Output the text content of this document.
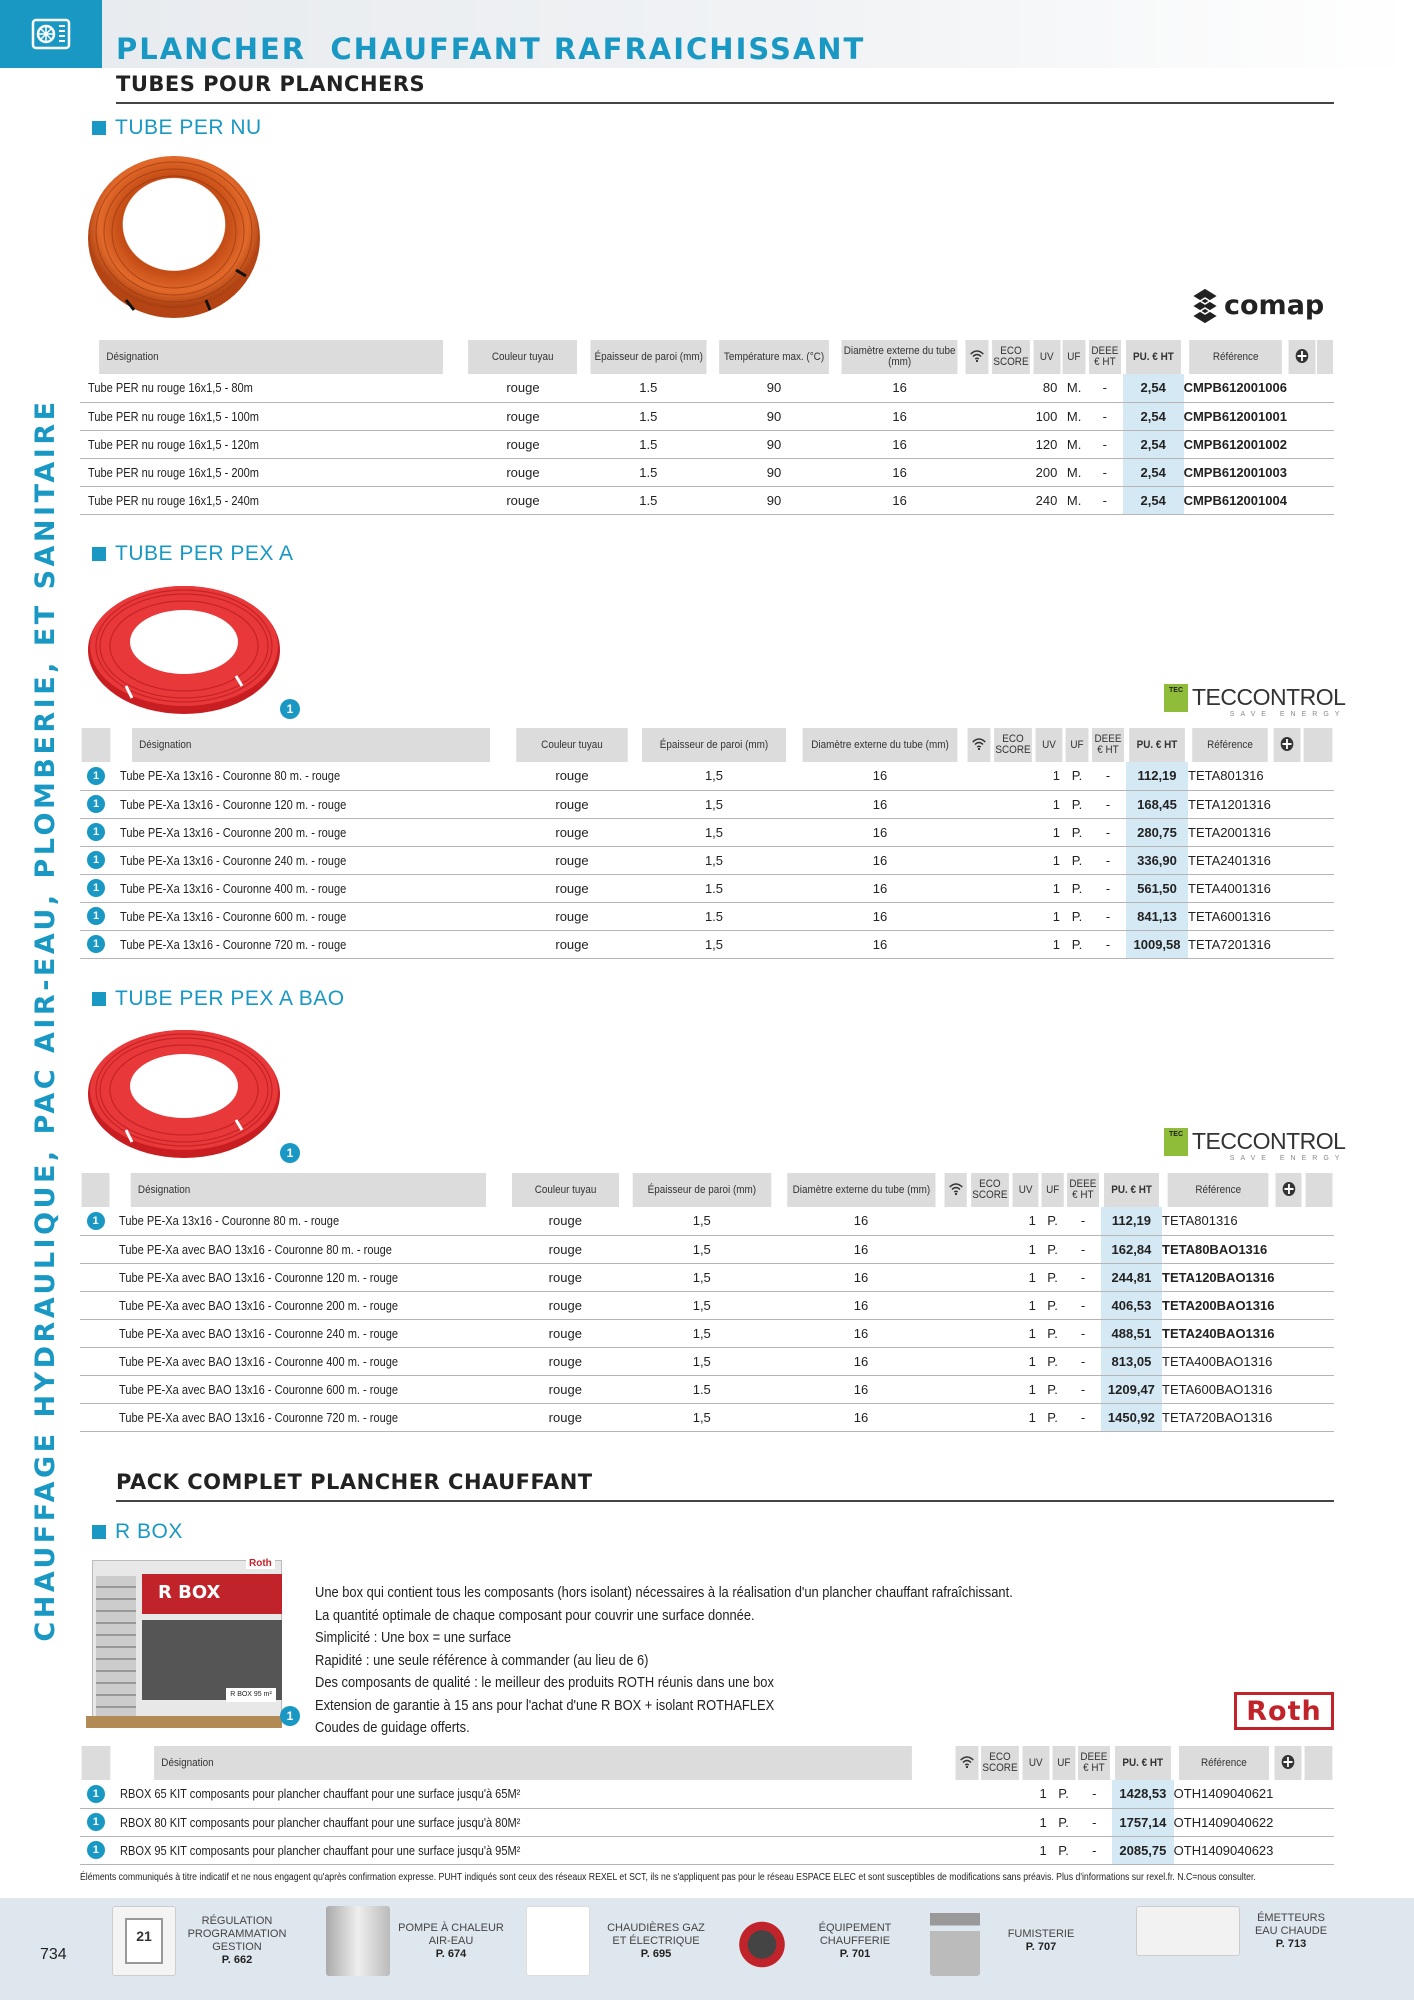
PLANCHER  CHAUFFANT RAFRAICHISSANT
CHAUFFAGE HYDRAULIQUE, PAC AIR-EAU, PLOMBERIE, ET SANITAIRE
TUBES POUR PLANCHERS
TUBE PER NU
comap
Désignation	Couleur tuyau	Épaisseur de paroi (mm)	Température max. (°C)	Diamètre externe du tube (mm)		ECO SCORE	UV	UF	DEEE € HT	PU. € HT	Référence		
Tube PER nu rouge 16x1,5 - 80m	rouge	1.5	90	16		80		M.	-	2,54	CMPB612001006		
Tube PER nu rouge 16x1,5 - 100m	rouge	1.5	90	16		100		M.	-	2,54	CMPB612001001		
Tube PER nu rouge 16x1,5 - 120m	rouge	1.5	90	16		120		M.	-	2,54	CMPB612001002		
Tube PER nu rouge 16x1,5 - 200m	rouge	1.5	90	16		200		M.	-	2,54	CMPB612001003		
Tube PER nu rouge 16x1,5 - 240m	rouge	1.5	90	16		240		M.	-	2,54	CMPB612001004		
TUBE PER PEX A
1
TEC TECCONTROL
SAVE ENERGY
	Désignation	Couleur tuyau	Épaisseur de paroi (mm)	Diamètre externe du tube (mm)		ECO SCORE	UV	UF	DEEE € HT	PU. € HT	Référence		
1	Tube PE-Xa 13x16 - Couronne 80 m. - rouge	rouge	1,5	16		1		P.	-	112,19	TETA801316		
1	Tube PE-Xa 13x16 - Couronne 120 m. - rouge	rouge	1,5	16		1		P.	-	168,45	TETA1201316		
1	Tube PE-Xa 13x16 - Couronne 200 m. - rouge	rouge	1,5	16		1		P.	-	280,75	TETA2001316		
1	Tube PE-Xa 13x16 - Couronne 240 m. - rouge	rouge	1,5	16		1		P.	-	336,90	TETA2401316		
1	Tube PE-Xa 13x16 - Couronne 400 m. - rouge	rouge	1.5	16		1		P.	-	561,50	TETA4001316		
1	Tube PE-Xa 13x16 - Couronne 600 m. - rouge	rouge	1.5	16		1		P.	-	841,13	TETA6001316		
1	Tube PE-Xa 13x16 - Couronne 720 m. - rouge	rouge	1,5	16		1		P.	-	1009,58	TETA7201316		
TUBE PER PEX A BAO
1
TEC TECCONTROL
SAVE ENERGY
	Désignation	Couleur tuyau	Épaisseur de paroi (mm)	Diamètre externe du tube (mm)		ECO SCORE	UV	UF	DEEE € HT	PU. € HT	Référence		
1	Tube PE-Xa 13x16 - Couronne 80 m. - rouge	rouge	1,5	16		1		P.	-	112,19	TETA801316		
	Tube PE-Xa avec BAO 13x16 - Couronne 80 m. - rouge	rouge	1,5	16		1		P.	-	162,84	TETA80BAO1316		
	Tube PE-Xa avec BAO 13x16 - Couronne 120 m. - rouge	rouge	1,5	16		1		P.	-	244,81	TETA120BAO1316		
	Tube PE-Xa avec BAO 13x16 - Couronne 200 m. - rouge	rouge	1,5	16		1		P.	-	406,53	TETA200BAO1316		
	Tube PE-Xa avec BAO 13x16 - Couronne 240 m. - rouge	rouge	1,5	16		1		P.	-	488,51	TETA240BAO1316		
	Tube PE-Xa avec BAO 13x16 - Couronne 400 m. - rouge	rouge	1,5	16		1		P.	-	813,05	TETA400BAO1316		
	Tube PE-Xa avec BAO 13x16 - Couronne 600 m. - rouge	rouge	1.5	16		1		P.	-	1209,47	TETA600BAO1316		
	Tube PE-Xa avec BAO 13x16 - Couronne 720 m. - rouge	rouge	1,5	16		1		P.	-	1450,92	TETA720BAO1316		
PACK COMPLET PLANCHER CHAUFFANT
R BOX
R BOX
Roth
R BOX 95 m²
1
Une box qui contient tous les composants (hors isolant) nécessaires à la réalisation d'un plancher chauffant rafraîchissant.
La quantité optimale de chaque composant pour couvrir une surface donnée.
Simplicité : Une box = une surface
Rapidité : une seule référence à commander (au lieu de 6)
Des composants de qualité : le meilleur des produits ROTH réunis dans une box
Extension de garantie à 15 ans pour l'achat d'une R BOX + isolant ROTHAFLEX
Coudes de guidage offerts.
Roth
	Désignation		ECO SCORE	UV	UF	DEEE € HT	PU. € HT	Référence		
1	RBOX 65 KIT composants pour plancher chauffant pour une surface jusqu'à 65M²		1		P.	-	1428,53	OTH1409040621		
1	RBOX 80 KIT composants pour plancher chauffant pour une surface jusqu'à 80M²		1		P.	-	1757,14	OTH1409040622		
1	RBOX 95 KIT composants pour plancher chauffant pour une surface jusqu'à 95M²		1		P.	-	2085,75	OTH1409040623		
Éléments communiqués à titre indicatif et ne nous engagent qu'après confirmation expresse. PUHT indiqués sont ceux des réseaux REXEL et SCT, ils ne s'appliquent pas pour le réseau ESPACE ELEC et sont susceptibles de modifications sans préavis. Plus d'informations sur rexel.fr. N.C=nous consulter.
734
21
RÉGULATION
PROGRAMMATION
GESTION
P. 662
POMPE À CHALEUR
AIR-EAU
P. 674
CHAUDIÈRES GAZ
ET ÉLECTRIQUE
P. 695
ÉQUIPEMENT
CHAUFFERIE
P. 701
FUMISTERIE
P. 707
ÉMETTEURS
EAU CHAUDE
P. 713
